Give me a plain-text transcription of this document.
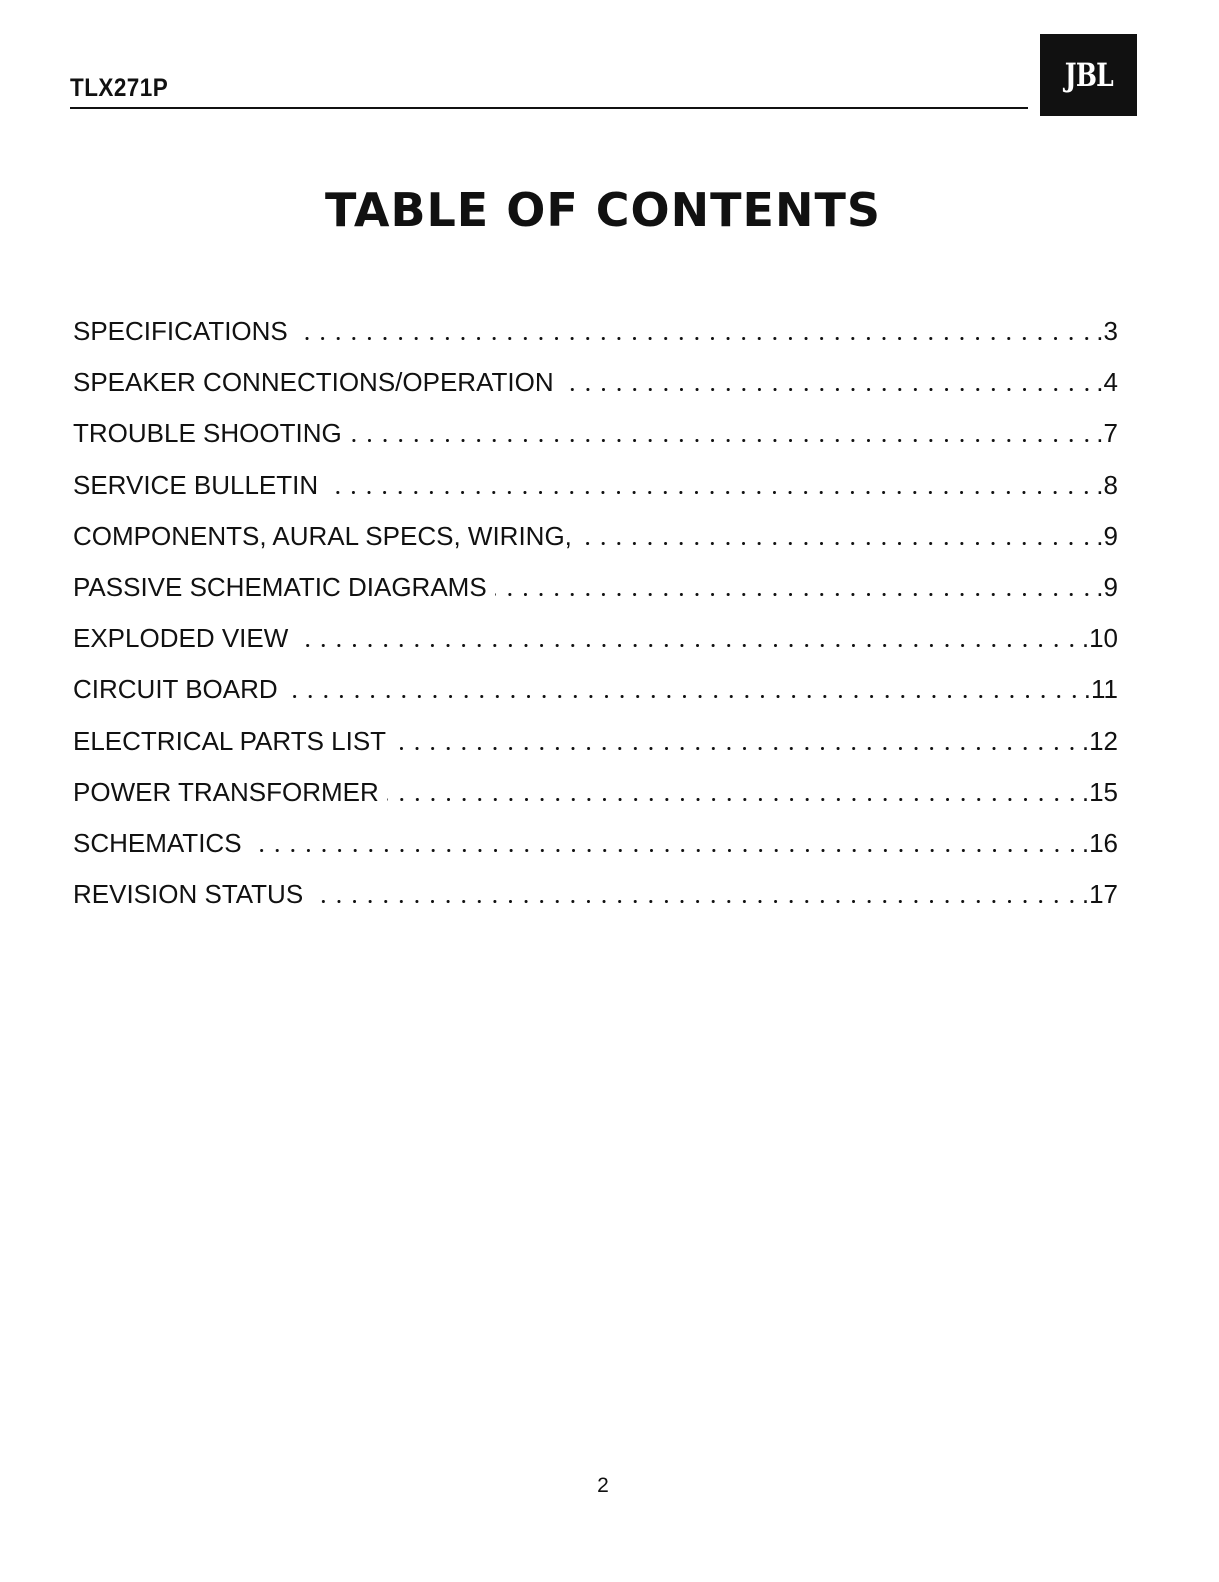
TLX271P	JBL
TABLE OF CONTENTS
SPECIFICATIONS	.3
SPEAKER CONNECTIONS/OPERATION	.4
TROUBLE SHOOTING	.7
SERVICE BULLETIN	.8
COMPONENTS, AURAL SPECS, WIRING,	.9
PASSIVE SCHEMATIC DIAGRAMS	.9
EXPLODED VIEW	.10
CIRCUIT BOARD	.11
ELECTRICAL PARTS LIST	.12
POWER TRANSFORMER	.15
SCHEMATICS	.16
REVISION STATUS	.17
2
